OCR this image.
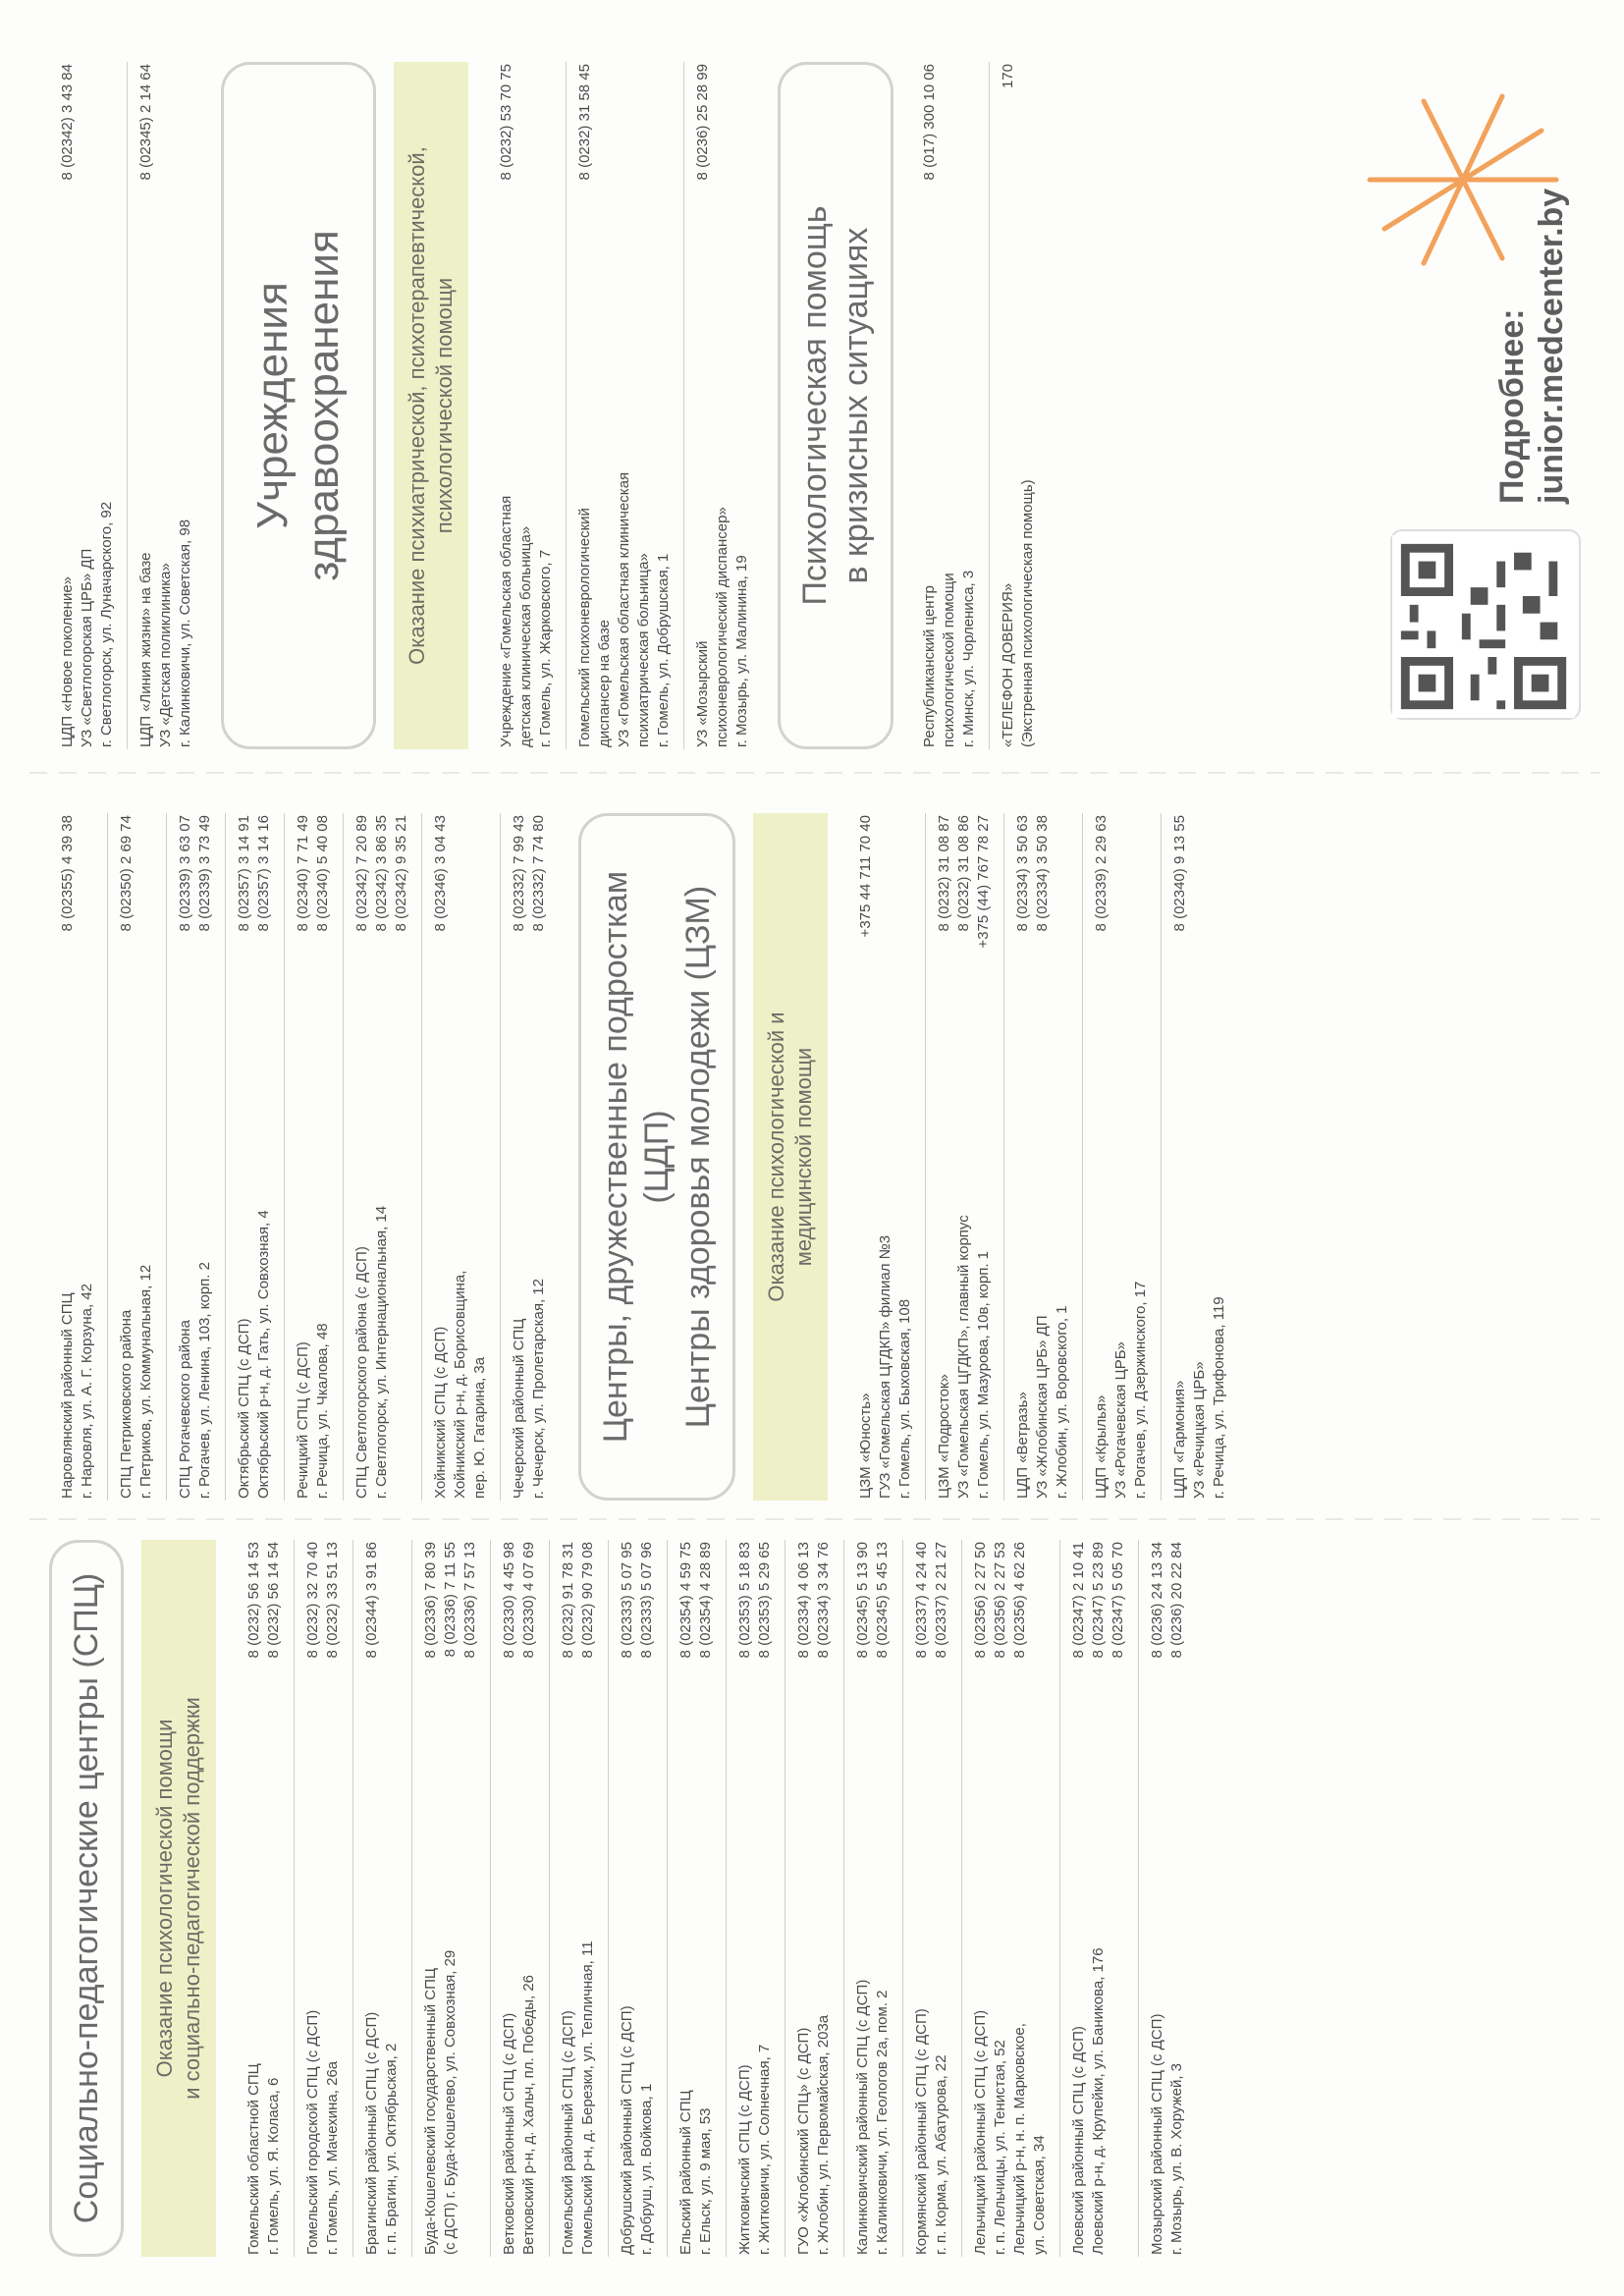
Социально-педагогические центры (СПЦ)	Оказание психологической помощи
и социально-педагогической поддержки
Гомельский областной СПЦ
г. Гомель, ул. Я. Коласа, 6
8 (0232) 56 14 53
8 (0232) 56 14 54
Гомельский городской СПЦ (с ДСП)
г. Гомель, ул. Мачехина, 26а
8 (0232) 32 70 40
8 (0232) 33 51 13
Брагинский районный СПЦ (с ДСП)
г. п. Брагин, ул. Октябрьская, 2
8 (02344) 3 91 86
Буда-Кошелевский государственный СПЦ
(с ДСП) г. Буда-Кошелево, ул. Совхозная, 29
8 (02336) 7 80 39
8 (02336) 7 11 55
8 (02336) 7 57 13
Ветковский районный СПЦ (с ДСП)
Ветковский р-н, д. Хальч, пл. Победы, 26
8 (02330) 4 45 98
8 (02330) 4 07 69
Гомельский районный СПЦ (с ДСП)
Гомельский р-н, д. Березки, ул. Тепличная, 11
8 (0232) 91 78 31
8 (0232) 90 79 08
Добрушский районный СПЦ (с ДСП)
г. Добруш, ул. Войкова, 1
8 (02333) 5 07 95
8 (02333) 5 07 96
Ельский районный СПЦ
г. Ельск, ул. 9 мая, 53
8 (02354) 4 59 75
8 (02354) 4 28 89
Житковичский СПЦ (с ДСП)
г. Житковичи, ул. Солнечная, 7
8 (02353) 5 18 83
8 (02353) 5 29 65
ГУО «Жлобинский СПЦ» (с ДСП)
г. Жлобин, ул. Первомайская, 203а
8 (02334) 4 06 13
8 (02334) 3 34 76
Калинковичский районный СПЦ (с ДСП)
г. Калинковичи, ул. Геологов 2а, пом. 2
8 (02345) 5 13 90
8 (02345) 5 45 13
Кормянский районный СПЦ (с ДСП)
г. п. Корма, ул. Абатурова, 22
8 (02337) 4 24 40
8 (02337) 2 21 27
Лельчицкий районный СПЦ (с ДСП)
г. п. Лельчицы, ул. Тенистая, 52
Лельчицкий р-н, н. п. Марковское,
ул. Советская, 34
8 (02356) 2 27 50
8 (02356) 2 27 53
8 (02356) 4 62 26
Лоевский районный СПЦ (с ДСП)
Лоевский р-н, д. Крупейки, ул. Баникова, 176
8 (02347) 2 10 41
8 (02347) 5 23 89
8 (02347) 5 05 70
Мозырский районный СПЦ (с ДСП)
г. Мозырь, ул. В. Хоружей, 3
8 (0236) 24 13 34
8 (0236) 20 22 84
Наровлянский районный СПЦ
г. Наровля, ул. А. Г. Корзуна, 42
8 (02355) 4 39 38
СПЦ Петриковского района
г. Петриков, ул. Коммунальная, 12
8 (02350) 2 69 74
СПЦ Рогачевского района
г. Рогачев, ул. Ленина, 103, корп. 2
8 (02339) 3 63 07
8 (02339) 3 73 49
Октябрьский СПЦ (с ДСП)
Октябрьский р-н, д. Гать, ул. Совхозная, 4
8 (02357) 3 14 91
8 (02357) 3 14 16
Речицкий СПЦ (с ДСП)
г. Речица, ул. Чкалова, 48
8 (02340) 7 71 49
8 (02340) 5 40 08
СПЦ Светлогорского района (с ДСП)
г. Светлогорск, ул. Интернациональная, 14
8 (02342) 7 20 89
8 (02342) 3 86 35
8 (02342) 9 35 21
Хойникский СПЦ (с ДСП)
Хойникский р-н, д. Борисовщина,
пер. Ю. Гагарина, 3а
8 (02346) 3 04 43
Чечерский районный СПЦ
г. Чечерск, ул. Пролетарская, 12
8 (02332) 7 99 43
8 (02332) 7 74 80
Центры, дружественные подросткам (ЦДП)
Центры здоровья молодежи (ЦЗМ)
Оказание психологической и
медицинской помощи
ЦЗМ «Юность»
ГУЗ «Гомельская ЦГДКП» филиал №3
г. Гомель, ул. Быховская, 108
+375 44 711 70 40
ЦЗМ «Подросток»
УЗ «Гомельская ЦГДКП», главный корпус
г. Гомель, ул. Мазурова, 10в, корп. 1
8 (0232) 31 08 87
8 (0232) 31 08 86
+375 (44) 767 78 27
ЦДП «Ветразь»
УЗ «Жлобинская ЦРБ» ДП
г. Жлобин, ул. Воровского, 1
8 (02334) 3 50 63
8 (02334) 3 50 38
ЦДП «Крылья»
УЗ «Рогачевская ЦРБ»
г. Рогачев, ул. Дзержинского, 17
8 (02339) 2 29 63
ЦДП «Гармония»
УЗ «Речицкая ЦРБ»
г. Речица, ул. Трифонова, 119
8 (02340) 9 13 55
ЦДП «Новое поколение»
УЗ «Светлогорская ЦРБ» ДП
г. Светлогорск, ул. Луначарского, 92
8 (02342) 3 43 84
ЦДП «Линия жизни» на базе
УЗ «Детская поликлиника»
г. Калинковичи, ул. Советская, 98
8 (02345) 2 14 64
Учреждения
здравоохранения
Оказание психиатрической, психотерапевтической,
психологической помощи
Учреждение «Гомельская областная
детская клиническая больница»
г. Гомель, ул. Жарковского, 7
8 (0232) 53 70 75
Гомельский психоневрологический
диспансер на базе
УЗ «Гомельская областная клиническая
психиатрическая больница»
г. Гомель, ул. Добрушская, 1
8 (0232) 31 58 45
УЗ «Мозырский
психоневрологический диспансер»
г. Мозырь, ул. Малинина, 19
8 (0236) 25 28 99
Психологическая помощь
в кризисных ситуациях
Республиканский центр
психологической помощи
г. Минск, ул. Чорлениса, 3
8 (017) 300 10 06
«ТЕЛЕФОН ДОВЕРИЯ»
(Экстренная психологическая помощь)
170
Подробнее: junior.medcenter.by
